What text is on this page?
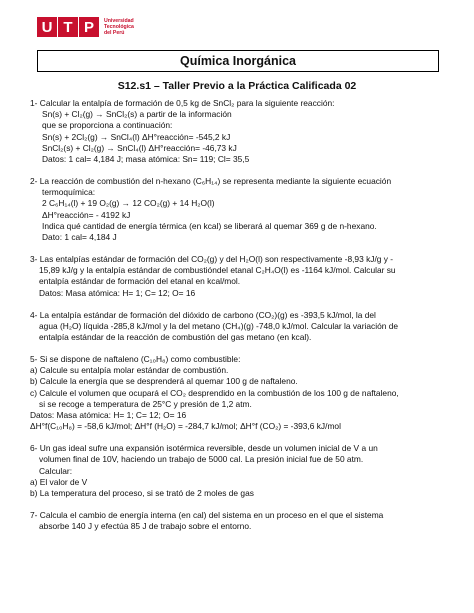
U T P	Universidad
Tecnológica
del Perú
Química Inorgánica
S12.s1 – Taller Previo a la Práctica Calificada 02

1- Calcular la entalpía de formación de 0,5 kg de SnCl₂ para la siguiente reacción:

Sn(s) + Cl₂(g) → SnCl₂(s) a partir de la información

que se proporciona a continuación:

Sn(s) + 2Cl₂(g) → SnCl₄(l) ΔH°reacción= -545,2 kJ

SnCl₂(s) + Cl₂(g) → SnCl₄(l) ΔH°reacción= -46,73 kJ

Datos: 1 cal= 4,184 J; masa atómica: Sn= 119; Cl= 35,5

2- La reacción de combustión del n-hexano (C₆H₁₄) se representa mediante la siguiente ecuación

termoquímica:

2 C₆H₁₄(l) + 19 O₂(g) → 12 CO₂(g) + 14 H₂O(l)

ΔH°reacción= - 4192 kJ

Indica qué cantidad de energía térmica (en kcal) se liberará al quemar 369 g de n-hexano.

Dato: 1 cal= 4,184 J

3- Las entalpías estándar de formación del CO₂(g) y del H₂O(l) son respectivamente -8,93 kJ/g y -

15,89 kJ/g y la entalpía estándar de combustióndel etanal C₂H₄O(l) es -1164 kJ/mol. Calcular su

entalpía estándar de formación del etanal en kcal/mol.

Datos: Masa atómica: H= 1; C= 12; O= 16

4- La entalpía estándar de formación del dióxido de carbono (CO₂)(g) es -393,5 kJ/mol, la del

agua (H₂O) líquida -285,8 kJ/mol y la del metano (CH₄)(g) -748,0 kJ/mol. Calcular la variación de

entalpía estándar de la reacción de combustión del gas metano (en kcal).

5- Si se dispone de naftaleno (C₁₀H₈) como combustible:

a) Calcule su entalpía molar estándar de combustión.

b) Calcule la energía que se desprenderá al quemar 100 g de naftaleno.

c) Calcule el volumen que ocupará el CO₂ desprendido en la combustión de los 100 g de naftaleno,

si se recoge a temperatura de 25°C y presión de 1,2 atm.

Datos: Masa atómica: H= 1; C= 12; O= 16

ΔH°f(C₁₀H₈) = -58,6 kJ/mol; ΔH°f (H₂O) = -284,7 kJ/mol; ΔH°f (CO₂) = -393,6 kJ/mol

6- Un gas ideal sufre una expansión isotérmica reversible, desde un volumen inicial de V a un

volumen final de 10V, haciendo un trabajo de 5000 cal. La presión inicial fue de 50 atm.

Calcular:

a) El valor de V

b) La temperatura del proceso, si se trató de 2 moles de gas

7- Calcula el cambio de energía interna (en cal) del sistema en un proceso en el que el sistema

absorbe 140 J y efectúa 85 J de trabajo sobre el entorno.
